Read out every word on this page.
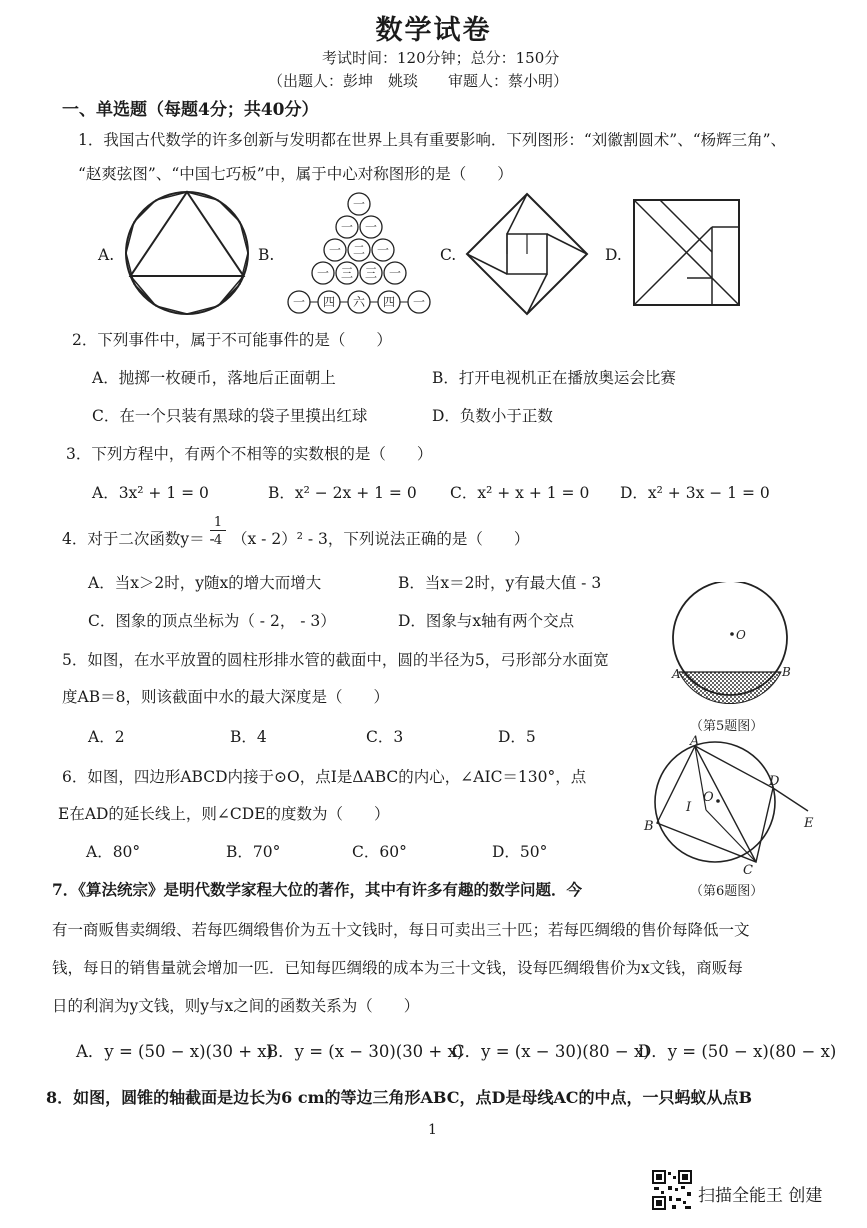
数学试卷
考试时间：120分钟；总分：150分
（出题人：彭坤　姚琰　　审题人：蔡小明）
一、单选题（每题4分；共40分）
1．我国古代数学的许多创新与发明都在世界上具有重要影响．下列图形：“刘徽割圆术”、“杨辉三角”、
“赵爽弦图”、“中国七巧板”中，属于中心对称图形的是（　　）
A.	B.
一
一 一
一 二 一
一 三 三 一
一 四 六 四 一
C.	D.
2．下列事件中，属于不可能事件的是（　　）
A．抛掷一枚硬币，落地后正面朝上	B．打开电视机正在播放奥运会比赛
C．在一个只装有黑球的袋子里摸出红球	D．负数小于正数
3．下列方程中，有两个不相等的实数根的是（　　）
A．3x² + 1 = 0	B．x² − 2x + 1 = 0 C．x² + x + 1 = 0 D．x² + 3x − 1 = 0
4．对于二次函数y＝ -
1
4 （x - 2）² - 3，下列说法正确的是（　　）
A．当x＞2时，y随x的增大而增大	B．当x＝2时，y有最大值 - 3
C．图象的顶点坐标为（ - 2， - 3）	D．图象与x轴有两个交点
O
A	B
5．如图，在水平放置的圆柱形排水管的截面中，圆的半径为5，弓形部分水面宽
度AB＝8，则该截面中水的最大深度是（　　）
A．2	B．4	C．3	D．5
（第5题图）
A
B
C
D
E
I
O
6．如图，四边形ABCD内接于⊙O，点I是ΔABC的内心，∠AIC＝130°，点
E在AD的延长线上，则∠CDE的度数为（　　）
A．80°	B．70°	C．60°	D．50°
（第6题图）
7．《算法统宗》是明代数学家程大位的著作，其中有许多有趣的数学问题．今
有一商贩售卖绸缎、若每匹绸缎售价为五十文钱时，每日可卖出三十匹；若每匹绸缎的售价每降低一文
钱，每日的销售量就会增加一匹．已知每匹绸缎的成本为三十文钱，设每匹绸缎售价为x文钱，商贩每
日的利润为y文钱，则y与x之间的函数关系为（　　）
A．y = (50 − x)(30 + x)
B．y = (x − 30)(30 + x)
C．y = (x − 30)(80 − x)
D．y = (50 − x)(80 − x)
8．如图，圆锥的轴截面是边长为6 cm的等边三角形ABC，点D是母线AC的中点，一只蚂蚁从点B
1
扫描全能王 创建
